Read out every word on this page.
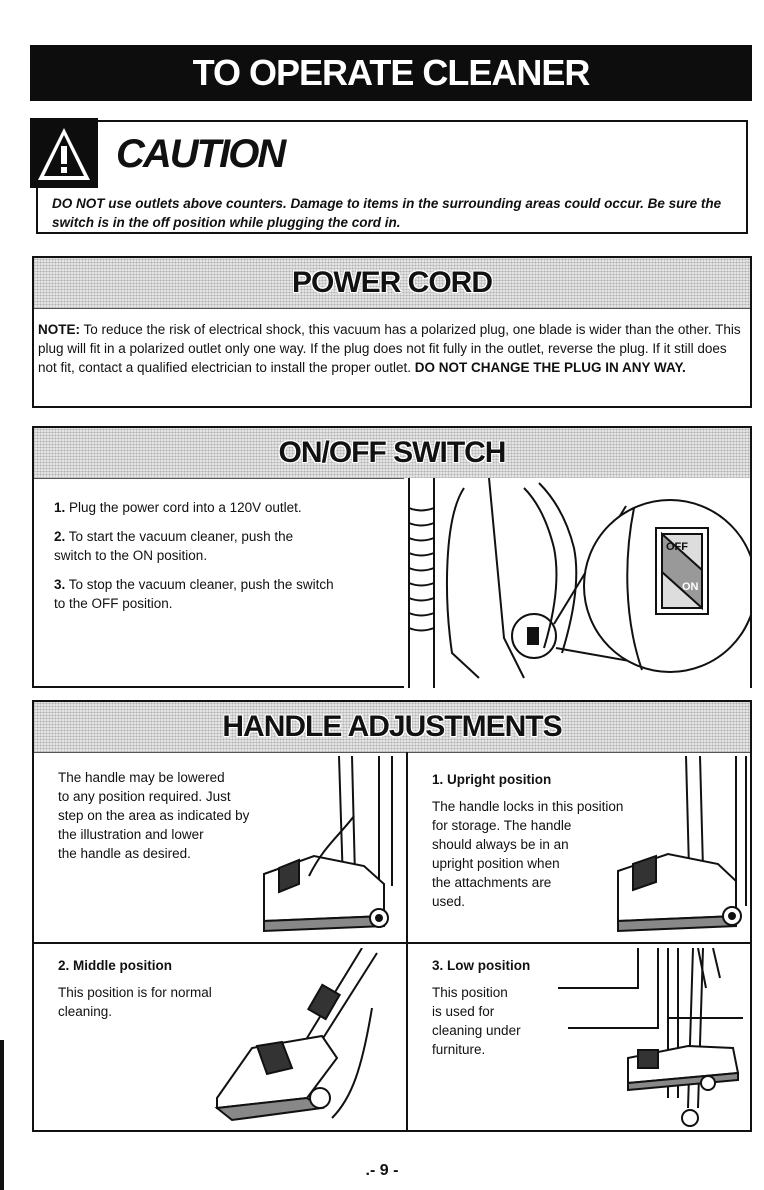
TO OPERATE CLEANER
CAUTION
DO NOT use outlets above counters. Damage to items in the surrounding areas could occur. Be sure the switch is in the off position while plugging the cord in.
POWER CORD
NOTE: To reduce the risk of electrical shock, this vacuum has a polarized plug, one blade is wider than the other. This plug will fit in a polarized outlet only one way. If the plug does not fit fully in the outlet, reverse the plug. If it still does not fit, contact a qualified electrician to install the proper outlet. DO NOT CHANGE THE PLUG IN ANY WAY.
ON/OFF SWITCH
1. Plug the power cord into a 120V outlet.
2. To start the vacuum cleaner, push the switch to the ON position.
3. To stop the vacuum cleaner, push the switch to the OFF position.
OFF
ON
HANDLE ADJUSTMENTS
The handle may be lowered
to any position required. Just
step on the area as indicated by
the illustration and lower
the handle as desired.
1. Upright position
The handle locks in this position
for storage. The handle
should always be in an
upright position when
the attachments are
used.
2. Middle position
This position is for normal
cleaning.
3. Low position
This position
is used for
cleaning under
furniture.
.- 9 -
